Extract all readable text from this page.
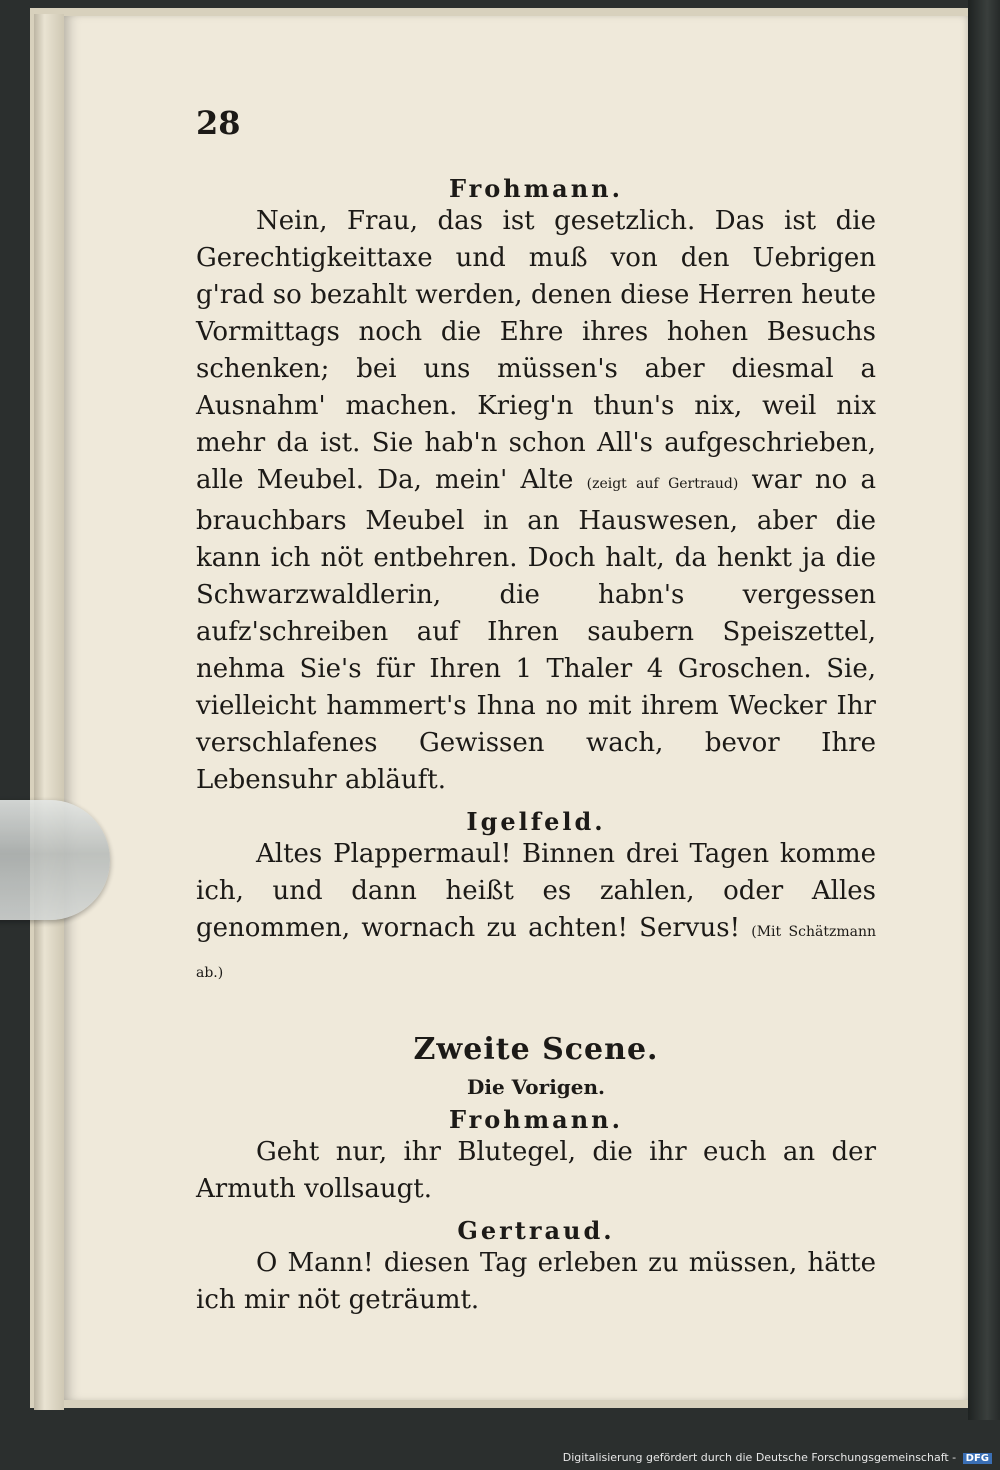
28

Frohmann.

Nein, Frau, das ist gesetzlich. Das ist die Gerechtigkeittaxe und muß von den Uebrigen g'rad so bezahlt werden, denen diese Herren heute Vormittags noch die Ehre ihres hohen Besuchs schenken; bei uns müssen's aber diesmal a Ausnahm' machen. Krieg'n thun's nix, weil nix mehr da ist. Sie hab'n schon All's aufgeschrieben, alle Meubel. Da, mein' Alte (zeigt auf Gertraud) war no a brauchbars Meubel in an Hauswesen, aber die kann ich nöt entbehren. Doch halt, da henkt ja die Schwarzwaldlerin, die habn's vergessen aufz'schreiben auf Ihren saubern Speiszettel, nehma Sie's für Ihren 1 Thaler 4 Groschen. Sie, vielleicht hammert's Ihna no mit ihrem Wecker Ihr verschlafenes Gewissen wach, bevor Ihre Lebensuhr abläuft.

Igelfeld.

Altes Plappermaul! Binnen drei Tagen komme ich, und dann heißt es zahlen, oder Alles genommen, wornach zu achten! Servus! (Mit Schätzmann ab.)

Zweite Scene.

Die Vorigen.

Frohmann.

Geht nur, ihr Blutegel, die ihr euch an der Armuth vollsaugt.

Gertraud.

O Mann! diesen Tag erleben zu müssen, hätte ich mir nöt geträumt.

Digitalisierung gefördert durch die Deutsche Forschungsgemeinschaft - DFG
